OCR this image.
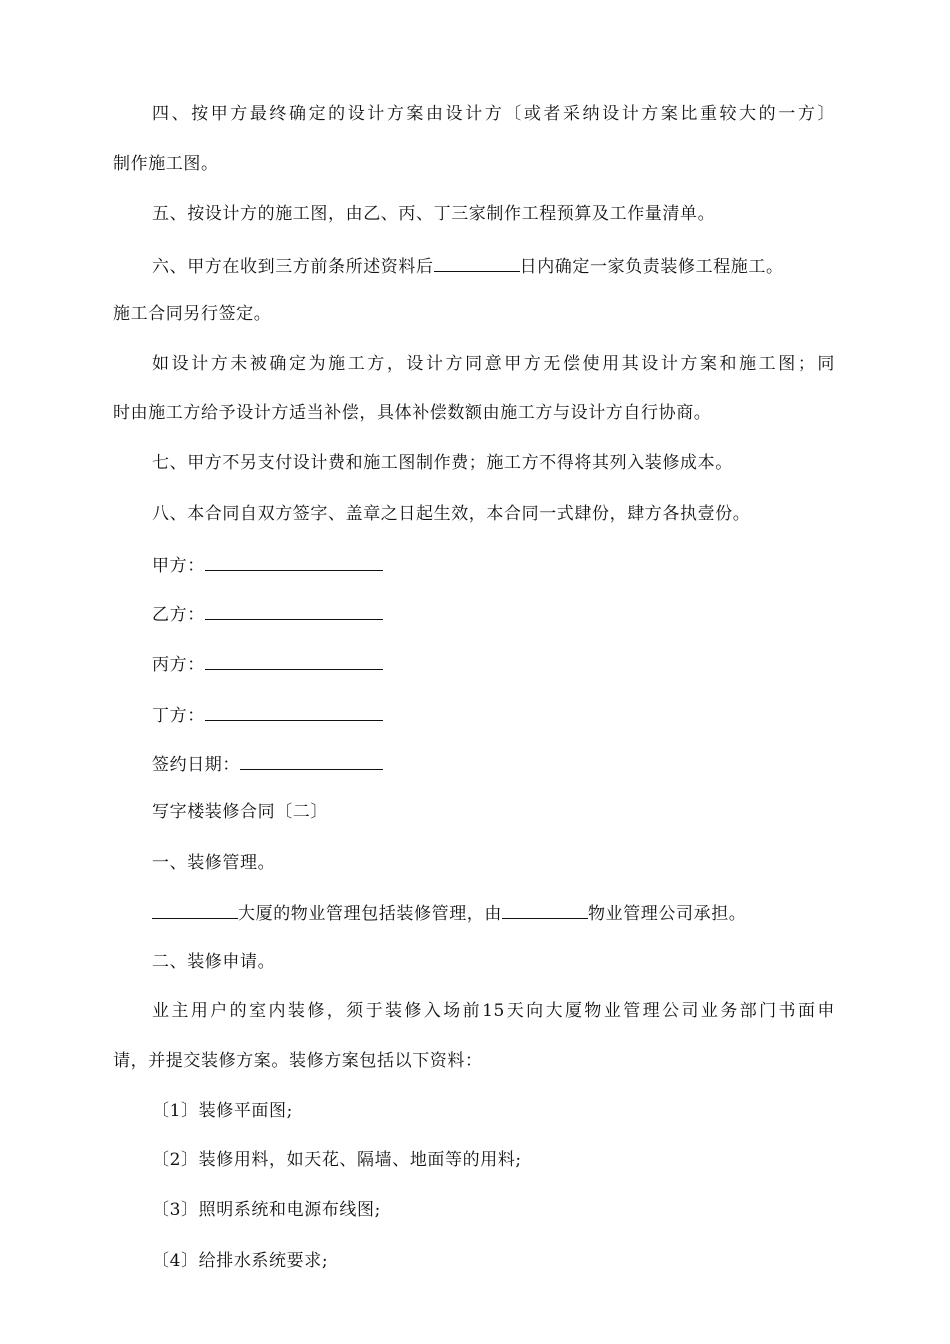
四、按甲方最终确定的设计方案由设计方〔或者采纳设计方案比重较大的一方〕
制作施工图。
五、按设计方的施工图，由乙、丙、丁三家制作工程预算及工作量清单。
六、甲方在收到三方前条所述资料后	日内确定一家负责装修工程施工。
施工合同另行签定。
如设计方未被确定为施工方，设计方同意甲方无偿使用其设计方案和施工图；同
时由施工方给予设计方适当补偿，具体补偿数额由施工方与设计方自行协商。
七、甲方不另支付设计费和施工图制作费；施工方不得将其列入装修成本。
八、本合同自双方签字、盖章之日起生效，本合同一式肆份，肆方各执壹份。
甲方：
乙方：
丙方：
丁方：
签约日期：
写字楼装修合同〔二〕
一、装修管理。
大厦的物业管理包括装修管理，由	物业管理公司承担。
二、装修申请。
业主用户的室内装修，须于装修入场前15天向大厦物业管理公司业务部门书面申
请，并提交装修方案。装修方案包括以下资料：
〔1〕装修平面图;
〔2〕装修用料，如天花、隔墙、地面等的用料;
〔3〕照明系统和电源布线图;
〔4〕给排水系统要求;
